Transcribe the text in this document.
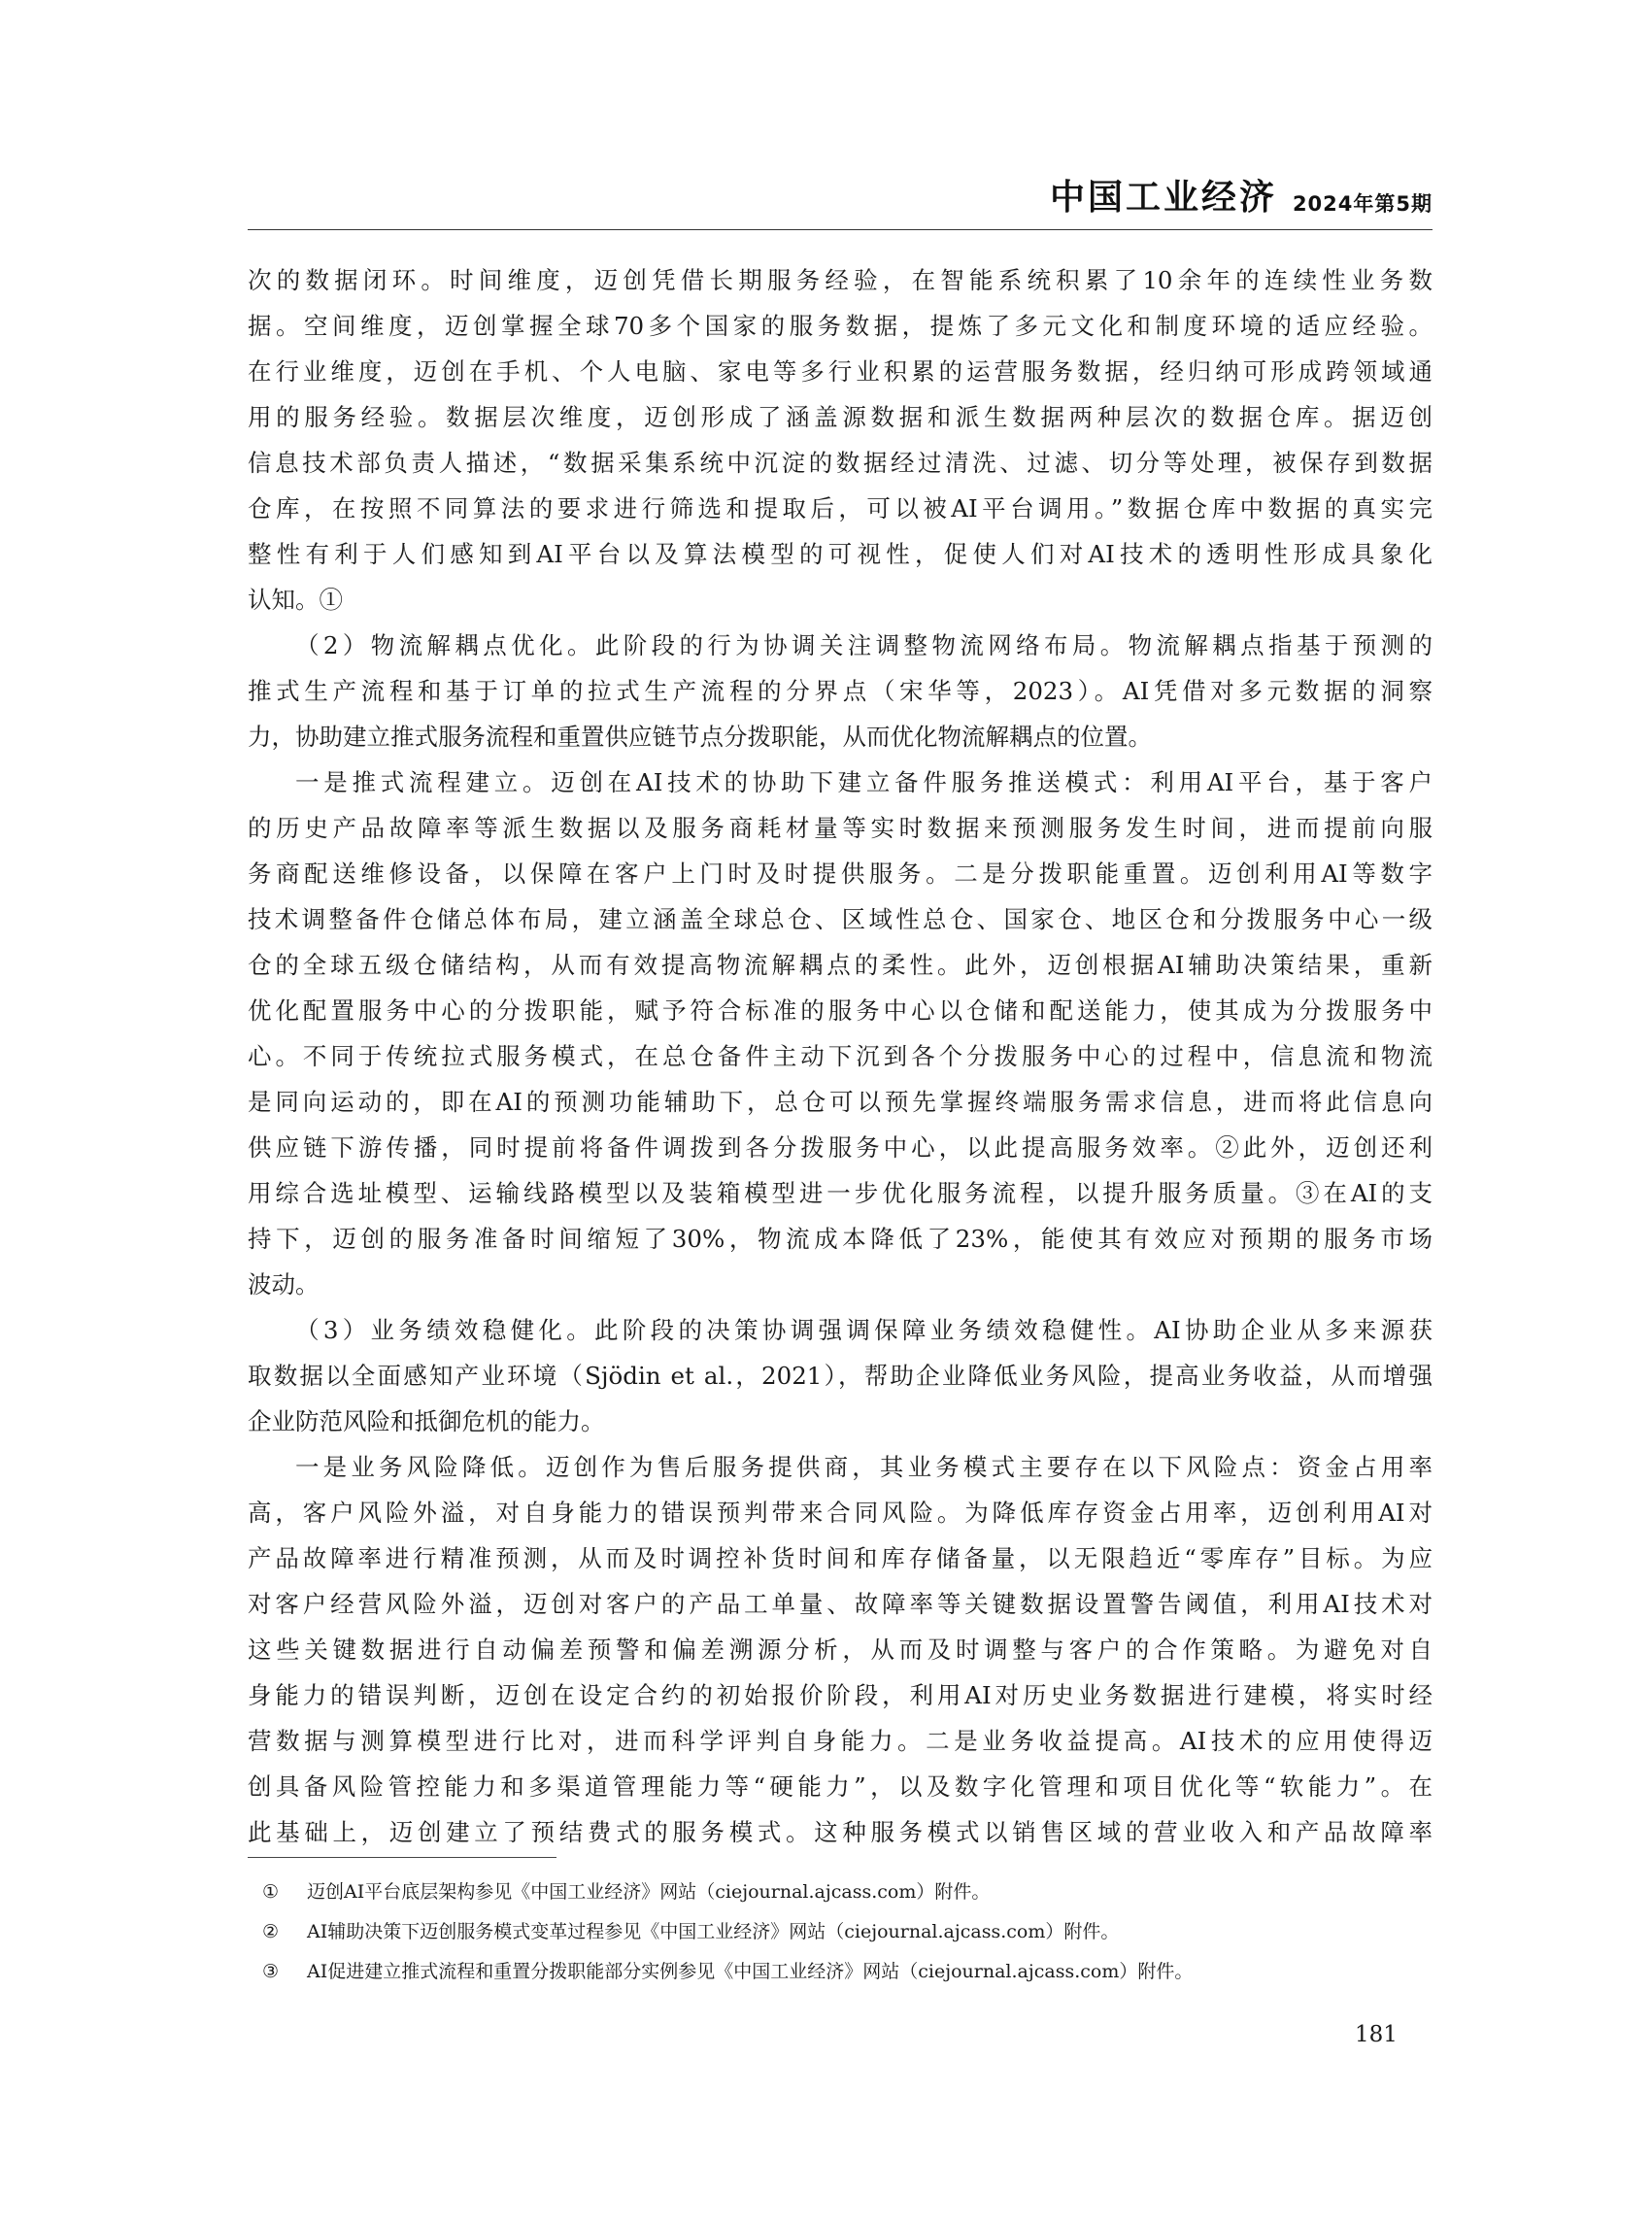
中国工业经济 2024年第5期
次的数据闭环。时间维度，迈创凭借长期服务经验，在智能系统积累了10余年的连续性业务数
据。空间维度，迈创掌握全球70多个国家的服务数据，提炼了多元文化和制度环境的适应经验。
在行业维度，迈创在手机、个人电脑、家电等多行业积累的运营服务数据，经归纳可形成跨领域通
用的服务经验。数据层次维度，迈创形成了涵盖源数据和派生数据两种层次的数据仓库。据迈创
信息技术部负责人描述，“数据采集系统中沉淀的数据经过清洗、过滤、切分等处理，被保存到数据
仓库，在按照不同算法的要求进行筛选和提取后，可以被AI平台调用。”数据仓库中数据的真实完
整性有利于人们感知到AI平台以及算法模型的可视性，促使人们对AI技术的透明性形成具象化
认知。①
（2）物流解耦点优化。此阶段的行为协调关注调整物流网络布局。物流解耦点指基于预测的
推式生产流程和基于订单的拉式生产流程的分界点（宋华等，2023）。AI凭借对多元数据的洞察
力，协助建立推式服务流程和重置供应链节点分拨职能，从而优化物流解耦点的位置。
一是推式流程建立。迈创在AI技术的协助下建立备件服务推送模式：利用AI平台，基于客户
的历史产品故障率等派生数据以及服务商耗材量等实时数据来预测服务发生时间，进而提前向服
务商配送维修设备，以保障在客户上门时及时提供服务。二是分拨职能重置。迈创利用AI等数字
技术调整备件仓储总体布局，建立涵盖全球总仓、区域性总仓、国家仓、地区仓和分拨服务中心一级
仓的全球五级仓储结构，从而有效提高物流解耦点的柔性。此外，迈创根据AI辅助决策结果，重新
优化配置服务中心的分拨职能，赋予符合标准的服务中心以仓储和配送能力，使其成为分拨服务中
心。不同于传统拉式服务模式，在总仓备件主动下沉到各个分拨服务中心的过程中，信息流和物流
是同向运动的，即在AI的预测功能辅助下，总仓可以预先掌握终端服务需求信息，进而将此信息向
供应链下游传播，同时提前将备件调拨到各分拨服务中心，以此提高服务效率。②此外，迈创还利
用综合选址模型、运输线路模型以及装箱模型进一步优化服务流程，以提升服务质量。③在AI的支
持下，迈创的服务准备时间缩短了30%，物流成本降低了23%，能使其有效应对预期的服务市场
波动。
（3）业务绩效稳健化。此阶段的决策协调强调保障业务绩效稳健性。AI协助企业从多来源获
取数据以全面感知产业环境（Sjödin et al.，2021），帮助企业降低业务风险，提高业务收益，从而增强
企业防范风险和抵御危机的能力。
一是业务风险降低。迈创作为售后服务提供商，其业务模式主要存在以下风险点：资金占用率
高，客户风险外溢，对自身能力的错误预判带来合同风险。为降低库存资金占用率，迈创利用AI对
产品故障率进行精准预测，从而及时调控补货时间和库存储备量，以无限趋近“零库存”目标。为应
对客户经营风险外溢，迈创对客户的产品工单量、故障率等关键数据设置警告阈值，利用AI技术对
这些关键数据进行自动偏差预警和偏差溯源分析，从而及时调整与客户的合作策略。为避免对自
身能力的错误判断，迈创在设定合约的初始报价阶段，利用AI对历史业务数据进行建模，将实时经
营数据与测算模型进行比对，进而科学评判自身能力。二是业务收益提高。AI技术的应用使得迈
创具备风险管控能力和多渠道管理能力等“硬能力”，以及数字化管理和项目优化等“软能力”。在
此基础上，迈创建立了预结费式的服务模式。这种服务模式以销售区域的营业收入和产品故障率
① 迈创AI平台底层架构参见《中国工业经济》网站（ciejournal.ajcass.com）附件。
② AI辅助决策下迈创服务模式变革过程参见《中国工业经济》网站（ciejournal.ajcass.com）附件。
③ AI促进建立推式流程和重置分拨职能部分实例参见《中国工业经济》网站（ciejournal.ajcass.com）附件。
181
